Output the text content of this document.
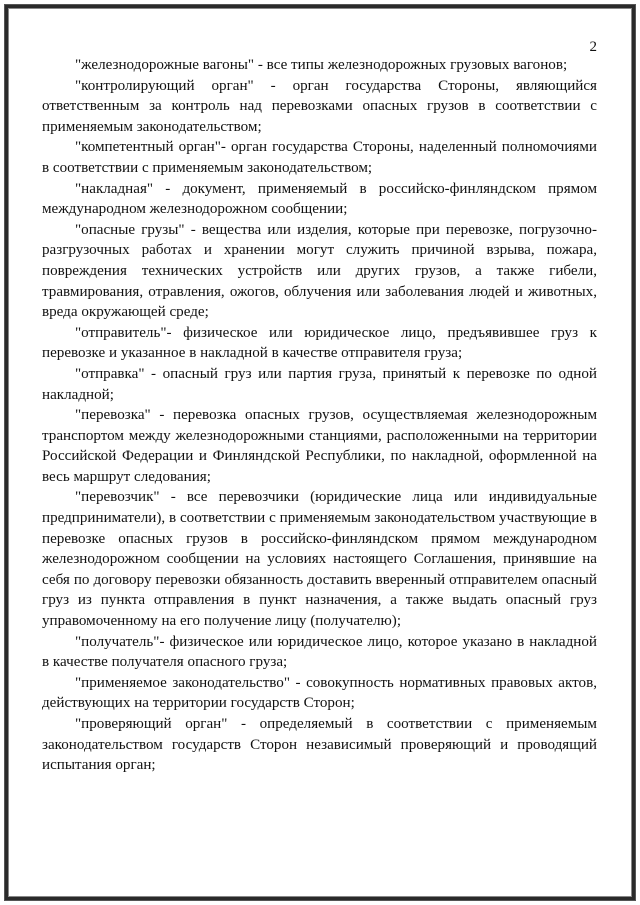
2

"железнодорожные вагоны" - все типы железнодорожных грузовых вагонов;

"контролирующий орган" - орган государства Стороны, являющийся ответственным за контроль над перевозками опасных грузов в соответствии с применяемым законодательством;

"компетентный орган"- орган государства Стороны, наделенный полномочиями в соответствии с применяемым законодательством;

"накладная" - документ, применяемый в российско-финляндском прямом международном железнодорожном сообщении;

"опасные грузы" - вещества или изделия, которые при перевозке, погрузочно-разгрузочных работах и хранении могут служить причиной взрыва, пожара, повреждения технических устройств или других грузов, а также гибели, травмирования, отравления, ожогов, облучения или заболевания людей и животных, вреда окружающей среде;

"отправитель"- физическое или юридическое лицо, предъявившее груз к перевозке и указанное в накладной в качестве отправителя груза;

"отправка" - опасный груз или партия груза, принятый к перевозке по одной накладной;

"перевозка" - перевозка опасных грузов, осуществляемая железнодорожным транспортом между железнодорожными станциями, расположенными на территории Российской Федерации и Финляндской Республики, по накладной, оформленной на весь маршрут следования;

"перевозчик" - все перевозчики (юридические лица или индивидуальные предприниматели), в соответствии с применяемым законодательством участвующие в перевозке опасных грузов в российско-финляндском прямом международном железнодорожном сообщении на условиях настоящего Соглашения, принявшие на себя по договору перевозки обязанность доставить вверенный отправителем опасный груз из пункта отправления в пункт назначения, а также выдать опасный груз управомоченному на его получение лицу (получателю);

"получатель"- физическое или юридическое лицо, которое указано в накладной в качестве получателя опасного груза;

"применяемое законодательство" - совокупность нормативных правовых актов, действующих на территории государств Сторон;

"проверяющий орган" - определяемый в соответствии с применяемым законодательством государств Сторон независимый проверяющий и проводящий испытания орган;
